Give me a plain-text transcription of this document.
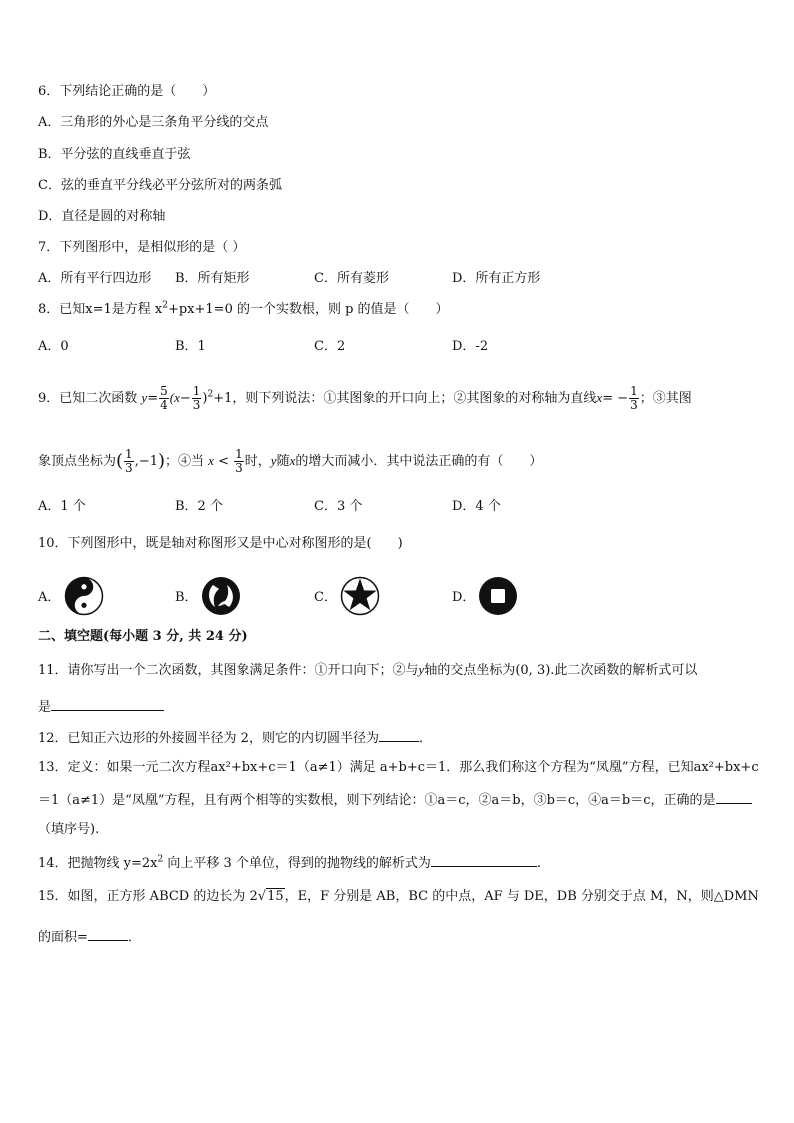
6．下列结论正确的是（　　）
A．三角形的外心是三条角平分线的交点
B．平分弦的直线垂直于弦
C．弦的垂直平分线必平分弦所对的两条弧
D．直径是圆的对称轴
7．下列图形中，是相似形的是（ ）
A．所有平行四边形 B．所有矩形	C．所有菱形	D．所有正方形
8．已知x=1是方程 $x^2+px+1=0$ 的一个实数根，则 p 的值是（　　）
A．0	B．1	C．2	D．-2
9．已知二次函数 $y= \frac{5}{4} (x- \frac{1}{3} )^2+1$，则下列说法：①其图象的开口向上；②其图象的对称轴为直线$x= - \frac{1}{3}$ ；③其图
象顶点坐标为( $\frac{1}{3} ,-1$)；④当 $x < \frac{1}{3}$ 时，y随x的增大而减小．其中说法正确的有（　　）
A．1 个	B．2 个	C．3 个	D．4 个
10．下列图形中，既是轴对称图形又是中心对称图形的是(　　)
A．	B．	C．	D．
二、填空题(每小题 3 分, 共 24 分)
11．请你写出一个二次函数，其图象满足条件：①开口向下；②与y轴的交点坐标为(0, 3).此二次函数的解析式可以
是
12．已知正六边形的外接圆半径为 2，则它的内切圆半径为	．
13．定义：如果一元二次方程ax²+bx+c＝1（a≠1）满足 a+b+c＝1．那么我们称这个方程为“凤凰”方程，已知ax²+bx+c
＝1（a≠1）是“凤凰”方程，且有两个相等的实数根，则下列结论：①a＝c，②a＝b，③b＝c，④a＝b＝c，正确的是
（填序号).
14．把抛物线 $y=2x^2$ 向上平移 3 个单位，得到的抛物线的解析式为	.
15．如图，正方形 ABCD 的边长为 2√15，E，F 分别是 AB，BC 的中点，AF 与 DE，DB 分别交于点 M，N，则△DMN
的面积=	．
